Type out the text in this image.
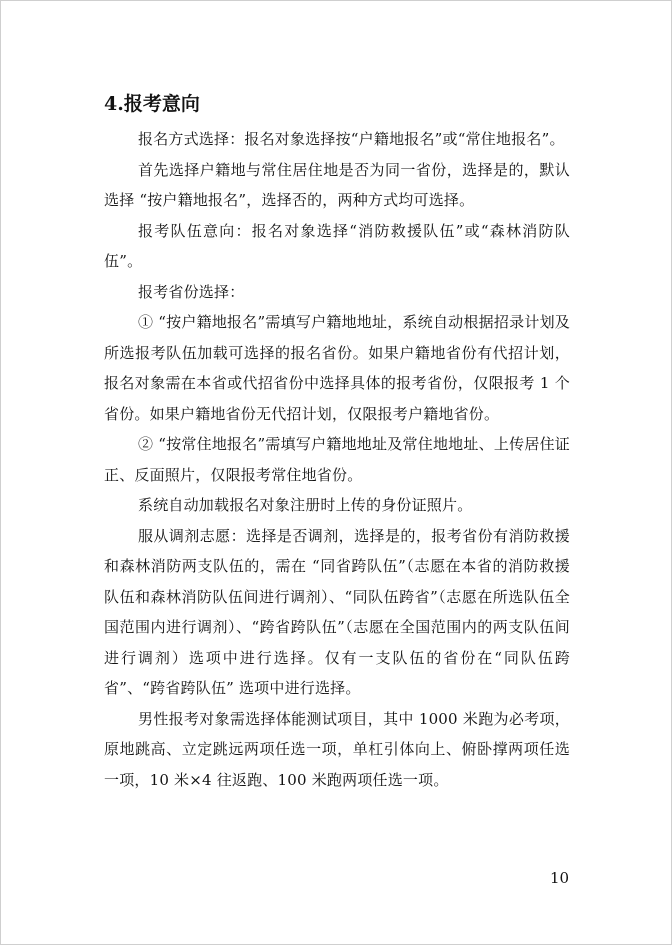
4.报考意向

报名方式选择：报名对象选择按“户籍地报名”或“常住地报名”。

首先选择户籍地与常住居住地是否为同一省份，选择是的，默认选择 “按户籍地报名”，选择否的，两种方式均可选择。

报考队伍意向：报名对象选择“消防救援队伍”或“森林消防队伍”。

报考省份选择：

① “按户籍地报名”需填写户籍地地址，系统自动根据招录计划及所选报考队伍加载可选择的报名省份。如果户籍地省份有代招计划，报名对象需在本省或代招省份中选择具体的报考省份，仅限报考 1 个省份。如果户籍地省份无代招计划，仅限报考户籍地省份。

② “按常住地报名”需填写户籍地地址及常住地地址、上传居住证正、反面照片，仅限报考常住地省份。

系统自动加载报名对象注册时上传的身份证照片。

服从调剂志愿：选择是否调剂，选择是的，报考省份有消防救援和森林消防两支队伍的，需在 “同省跨队伍”（志愿在本省的消防救援队伍和森林消防队伍间进行调剂）、“同队伍跨省”（志愿在所选队伍全国范围内进行调剂）、“跨省跨队伍”（志愿在全国范围内的两支队伍间进行调剂）选项中进行选择。仅有一支队伍的省份在“同队伍跨省”、“跨省跨队伍” 选项中进行选择。

男性报考对象需选择体能测试项目，其中 1000 米跑为必考项，原地跳高、立定跳远两项任选一项，单杠引体向上、俯卧撑两项任选一项，10 米×4 往返跑、100 米跑两项任选一项。

10
